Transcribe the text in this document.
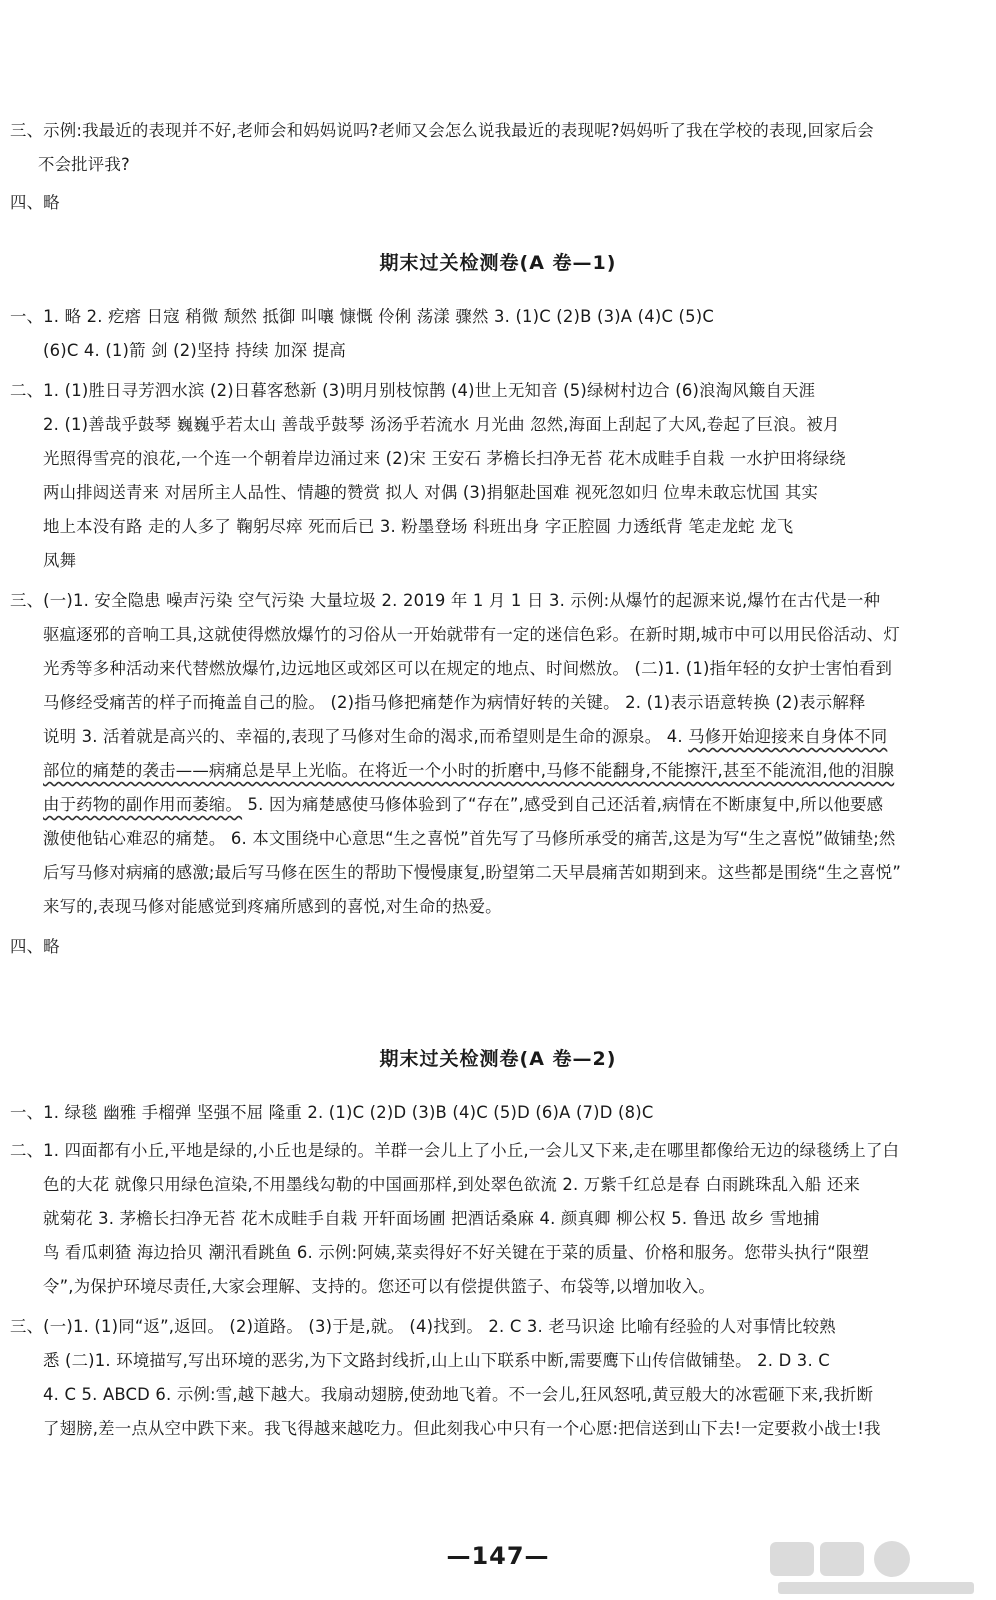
三、示例:我最近的表现并不好,老师会和妈妈说吗?老师又会怎么说我最近的表现呢?妈妈听了我在学校的表现,回家后会

不会批评我?

四、略

期末过关检测卷(A 卷—1)

一、1. 略 2. 疙瘩 日寇 稍微 颓然 抵御 叫嚷 慷慨 伶俐 荡漾 骤然 3. (1)C (2)B (3)A (4)C (5)C

(6)C 4. (1)箭 剑 (2)坚持 持续 加深 提高

二、1. (1)胜日寻芳泗水滨 (2)日暮客愁新 (3)明月别枝惊鹊 (4)世上无知音 (5)绿树村边合 (6)浪淘风簸自天涯

2. (1)善哉乎鼓琴 巍巍乎若太山 善哉乎鼓琴 汤汤乎若流水 月光曲 忽然,海面上刮起了大风,卷起了巨浪。被月

光照得雪亮的浪花,一个连一个朝着岸边涌过来 (2)宋 王安石 茅檐长扫净无苔 花木成畦手自栽 一水护田将绿绕

两山排闼送青来 对居所主人品性、情趣的赞赏 拟人 对偶 (3)捐躯赴国难 视死忽如归 位卑未敢忘忧国 其实

地上本没有路 走的人多了 鞠躬尽瘁 死而后已 3. 粉墨登场 科班出身 字正腔圆 力透纸背 笔走龙蛇 龙飞

凤舞

三、(一)1. 安全隐患 噪声污染 空气污染 大量垃圾 2. 2019 年 1 月 1 日 3. 示例:从爆竹的起源来说,爆竹在古代是一种

驱瘟逐邪的音响工具,这就使得燃放爆竹的习俗从一开始就带有一定的迷信色彩。在新时期,城市中可以用民俗活动、灯

光秀等多种活动来代替燃放爆竹,边远地区或郊区可以在规定的地点、时间燃放。 (二)1. (1)指年轻的女护士害怕看到

马修经受痛苦的样子而掩盖自己的脸。 (2)指马修把痛楚作为病情好转的关键。 2. (1)表示语意转换 (2)表示解释

说明 3. 活着就是高兴的、幸福的,表现了马修对生命的渴求,而希望则是生命的源泉。 4. 马修开始迎接来自身体不同

部位的痛楚的袭击——病痛总是早上光临。在将近一个小时的折磨中,马修不能翻身,不能擦汗,甚至不能流泪,他的泪腺

由于药物的副作用而萎缩。 5. 因为痛楚感使马修体验到了“存在”,感受到自己还活着,病情在不断康复中,所以他要感

激使他钻心难忍的痛楚。 6. 本文围绕中心意思“生之喜悦”首先写了马修所承受的痛苦,这是为写“生之喜悦”做铺垫;然

后写马修对病痛的感激;最后写马修在医生的帮助下慢慢康复,盼望第二天早晨痛苦如期到来。这些都是围绕“生之喜悦”

来写的,表现马修对能感觉到疼痛所感到的喜悦,对生命的热爱。

四、略

期末过关检测卷(A 卷—2)

一、1. 绿毯 幽雅 手榴弹 坚强不屈 隆重 2. (1)C (2)D (3)B (4)C (5)D (6)A (7)D (8)C

二、1. 四面都有小丘,平地是绿的,小丘也是绿的。羊群一会儿上了小丘,一会儿又下来,走在哪里都像给无边的绿毯绣上了白

色的大花 就像只用绿色渲染,不用墨线勾勒的中国画那样,到处翠色欲流 2. 万紫千红总是春 白雨跳珠乱入船 还来

就菊花 3. 茅檐长扫净无苔 花木成畦手自栽 开轩面场圃 把酒话桑麻 4. 颜真卿 柳公权 5. 鲁迅 故乡 雪地捕

鸟 看瓜刺猹 海边拾贝 潮汛看跳鱼 6. 示例:阿姨,菜卖得好不好关键在于菜的质量、价格和服务。您带头执行“限塑

令”,为保护环境尽责任,大家会理解、支持的。您还可以有偿提供篮子、布袋等,以增加收入。

三、(一)1. (1)同“返”,返回。 (2)道路。 (3)于是,就。 (4)找到。 2. C 3. 老马识途 比喻有经验的人对事情比较熟

悉 (二)1. 环境描写,写出环境的恶劣,为下文路封线折,山上山下联系中断,需要鹰下山传信做铺垫。 2. D 3. C

4. C 5. ABCD 6. 示例:雪,越下越大。我扇动翅膀,使劲地飞着。不一会儿,狂风怒吼,黄豆般大的冰雹砸下来,我折断

了翅膀,差一点从空中跌下来。我飞得越来越吃力。但此刻我心中只有一个心愿:把信送到山下去!一定要救小战士!我

—147—
